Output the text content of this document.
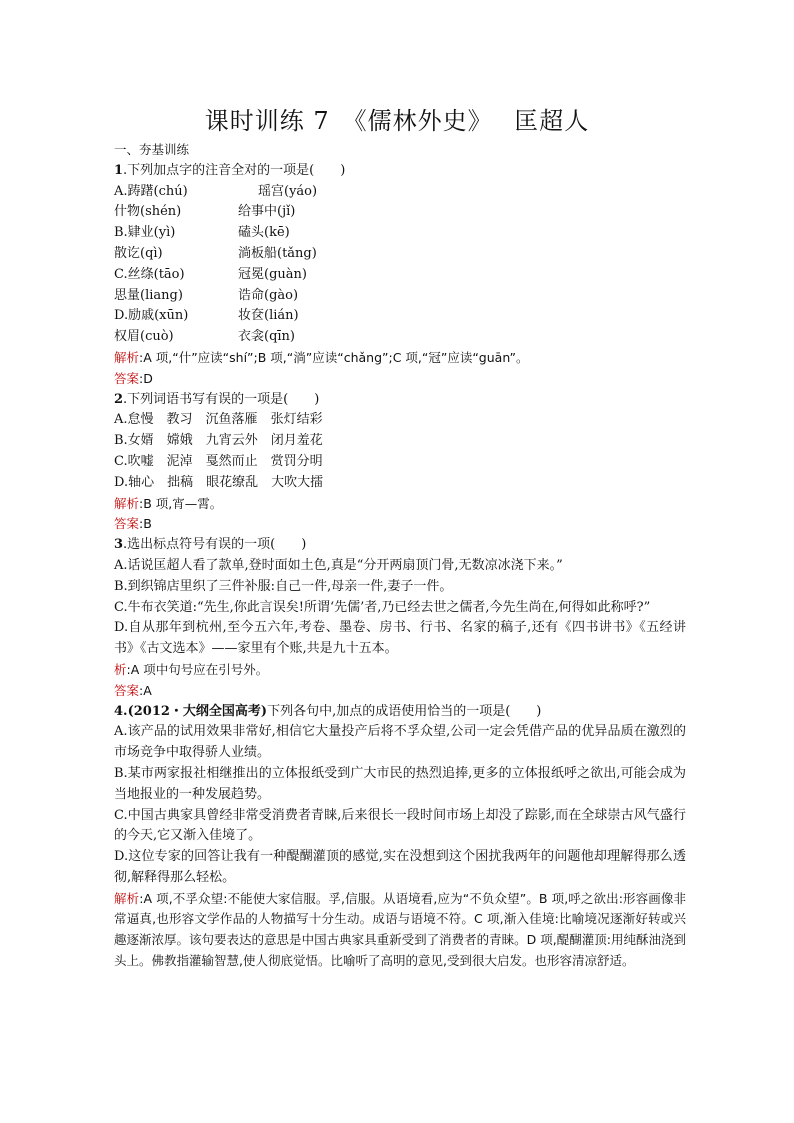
课时训练 7　《儒林外史》　 匡超人
一、夯基训练
1.下列加点字的注音全对的一项是(　　)
A.踌躇(chú)	瑶宫(yáo)
什物(shén)	给事中(jǐ)
B.肄业(yì)	磕头(kē)
散讫(qì)	淌板船(tǎng)
C.丝绦(tāo)	冠冕(guàn)
思量(liang)	诰命(gào)
D.励戚(xūn)	妆奁(lián)
权眉(cuò)	衣衾(qīn)
解析:A 项,“什”应读“shí”;B 项,“淌”应读“chǎng”;C 项,“冠”应读“guān”。
答案:D
2.下列词语书写有误的一项是(　　)
A.怠慢 教习 沉鱼落雁 张灯结彩
B.女婿 嫦娥 九宵云外 闭月羞花
C.吹嘘 泥淖 戛然而止 赏罚分明
D.轴心 拙稿 眼花缭乱 大吹大擂
解析:B 项,宵—霄。
答案:B
3.选出标点符号有误的一项(　　)
A.话说匡超人看了款单,登时面如土色,真是“分开两扇顶门骨,无数凉冰浇下来。”
B.到织锦店里织了三件补服:自己一件,母亲一件,妻子一件。
C.牛布衣笑道:“先生,你此言误矣!所谓‘先儒’者,乃已经去世之儒者,今先生尚在,何得如此称呼?”
D.自从那年到杭州,至今五六年,考卷、墨卷、房书、行书、名家的稿子,还有《四书讲书》《五经讲书》《古文选本》——家里有个账,共是九十五本。
析:A 项中句号应在引号外。
答案:A
4.(2012・大纲全国高考)下列各句中,加点的成语使用恰当的一项是(　　)
A.该产品的试用效果非常好,相信它大量投产后将不孚众望,公司一定会凭借产品的优异品质在激烈的市场竞争中取得骄人业绩。
B.某市两家报社相继推出的立体报纸受到广大市民的热烈追捧,更多的立体报纸呼之欲出,可能会成为当地报业的一种发展趋势。
C.中国古典家具曾经非常受消费者青睐,后来很长一段时间市场上却没了踪影,而在全球崇古风气盛行的今天,它又渐入佳境了。
D.这位专家的回答让我有一种醍醐灌顶的感觉,实在没想到这个困扰我两年的问题他却理解得那么透彻,解释得那么轻松。
解析:A 项,不孚众望:不能使大家信服。孚,信服。从语境看,应为“不负众望”。B 项,呼之欲出:形容画像非常逼真,也形容文学作品的人物描写十分生动。成语与语境不符。C 项,渐入佳境:比喻境况逐渐好转或兴趣逐渐浓厚。该句要表达的意思是中国古典家具重新受到了消费者的青睐。D 项,醍醐灌顶:用纯酥油浇到头上。佛教指灌输智慧,使人彻底觉悟。比喻听了高明的意见,受到很大启发。也形容清凉舒适。
